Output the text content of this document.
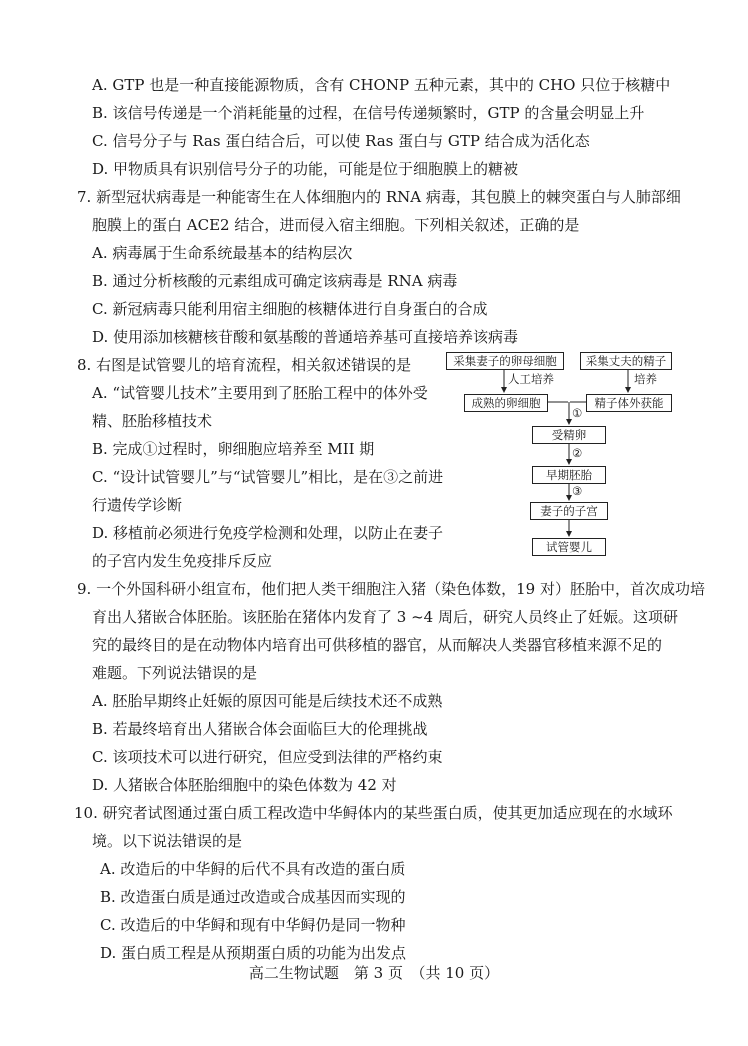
A. GTP 也是一种直接能源物质，含有 CHONP 五种元素，其中的 CHO 只位于核糖中
B. 该信号传递是一个消耗能量的过程，在信号传递频繁时，GTP 的含量会明显上升
C. 信号分子与 Ras 蛋白结合后，可以使 Ras 蛋白与 GTP 结合成为活化态
D. 甲物质具有识别信号分子的功能，可能是位于细胞膜上的糖被
7. 新型冠状病毒是一种能寄生在人体细胞内的 RNA 病毒，其包膜上的棘突蛋白与人肺部细
胞膜上的蛋白 ACE2 结合，进而侵入宿主细胞。下列相关叙述，正确的是
A. 病毒属于生命系统最基本的结构层次
B. 通过分析核酸的元素组成可确定该病毒是 RNA 病毒
C. 新冠病毒只能利用宿主细胞的核糖体进行自身蛋白的合成
D. 使用添加核糖核苷酸和氨基酸的普通培养基可直接培养该病毒
8. 右图是试管婴儿的培育流程，相关叙述错误的是
A. “试管婴儿技术”主要用到了胚胎工程中的体外受
精、胚胎移植技术
B. 完成①过程时，卵细胞应培养至 MII 期
C. “设计试管婴儿”与“试管婴儿”相比，是在③之前进
行遗传学诊断
D. 移植前必须进行免疫学检测和处理，以防止在妻子
的子宫内发生免疫排斥反应
采集妻子的卵母细胞	采集丈夫的精子
人工培养	培养
成熟的卵细胞	精子体外获能
①
受精卵
②
早期胚胎
③
妻子的子宫
试管婴儿
9. 一个外国科研小组宣布，他们把人类干细胞注入猪（染色体数，19 对）胚胎中，首次成功培
育出人猪嵌合体胚胎。该胚胎在猪体内发育了 3 ~4 周后，研究人员终止了妊娠。这项研
究的最终目的是在动物体内培育出可供移植的器官，从而解决人类器官移植来源不足的
难题。下列说法错误的是
A. 胚胎早期终止妊娠的原因可能是后续技术还不成熟
B. 若最终培育出人猪嵌合体会面临巨大的伦理挑战
C. 该项技术可以进行研究，但应受到法律的严格约束
D. 人猪嵌合体胚胎细胞中的染色体数为 42 对
10. 研究者试图通过蛋白质工程改造中华鲟体内的某些蛋白质，使其更加适应现在的水域环
境。以下说法错误的是
A. 改造后的中华鲟的后代不具有改造的蛋白质
B. 改造蛋白质是通过改造或合成基因而实现的
C. 改造后的中华鲟和现有中华鲟仍是同一物种
D. 蛋白质工程是从预期蛋白质的功能为出发点
高二生物试题　第 3 页　（共 10 页）
